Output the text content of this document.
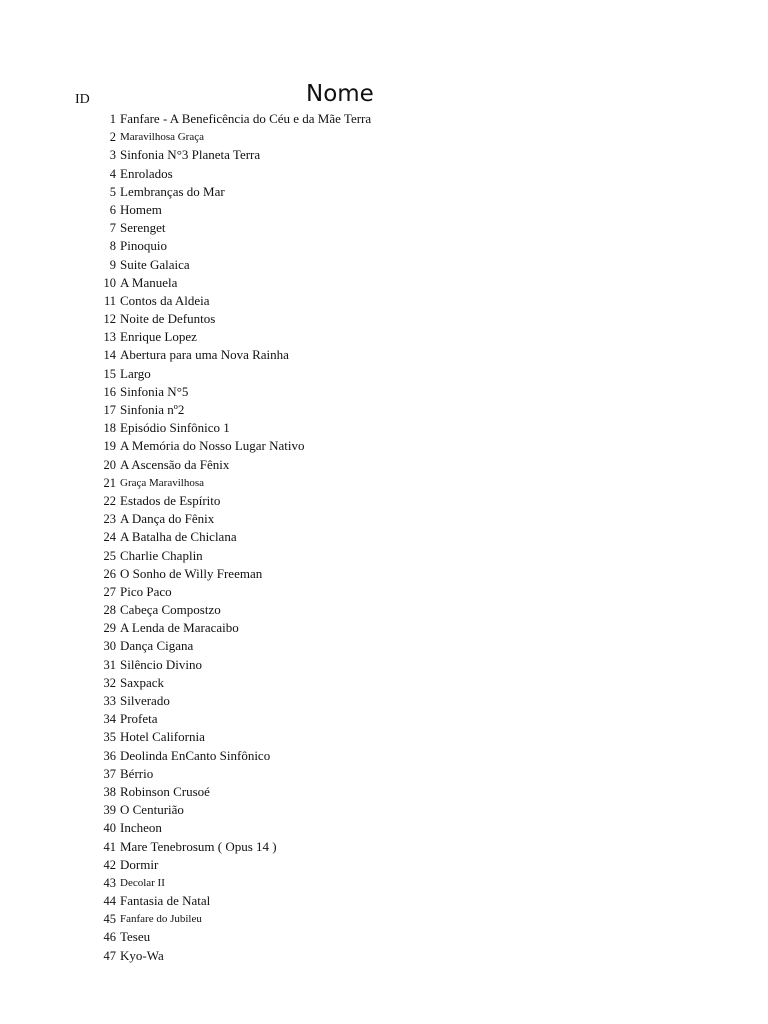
ID	Nome
1 Fanfare - A Beneficência do Céu e da Mãe Terra
2 Maravilhosa Graça
3 Sinfonia N°3 Planeta Terra
4 Enrolados
5 Lembranças do Mar
6 Homem
7 Serenget
8 Pinoquio
9 Suite Galaica
10 A Manuela
11 Contos da Aldeia
12 Noite de Defuntos
13 Enrique Lopez
14 Abertura para uma Nova Rainha
15 Largo
16 Sinfonia N°5
17 Sinfonia nº2
18 Episódio Sinfônico 1
19 A Memória do Nosso Lugar Nativo
20 A Ascensão da Fênix
21 Graça Maravilhosa
22 Estados de Espírito
23 A Dança do Fênix
24 A Batalha de Chiclana
25 Charlie Chaplin
26 O Sonho de Willy Freeman
27 Pico Paco
28 Cabeça Compostzo
29 A Lenda de Maracaibo
30 Dança Cigana
31 Silêncio Divino
32 Saxpack
33 Silverado
34 Profeta
35 Hotel California
36 Deolinda EnCanto Sinfônico
37 Bérrio
38 Robinson Crusoé
39 O Centurião
40 Incheon
41 Mare Tenebrosum ( Opus 14 )
42 Dormir
43 Decolar II
44 Fantasia de Natal
45 Fanfare do Jubileu
46 Teseu
47 Kyo-Wa
